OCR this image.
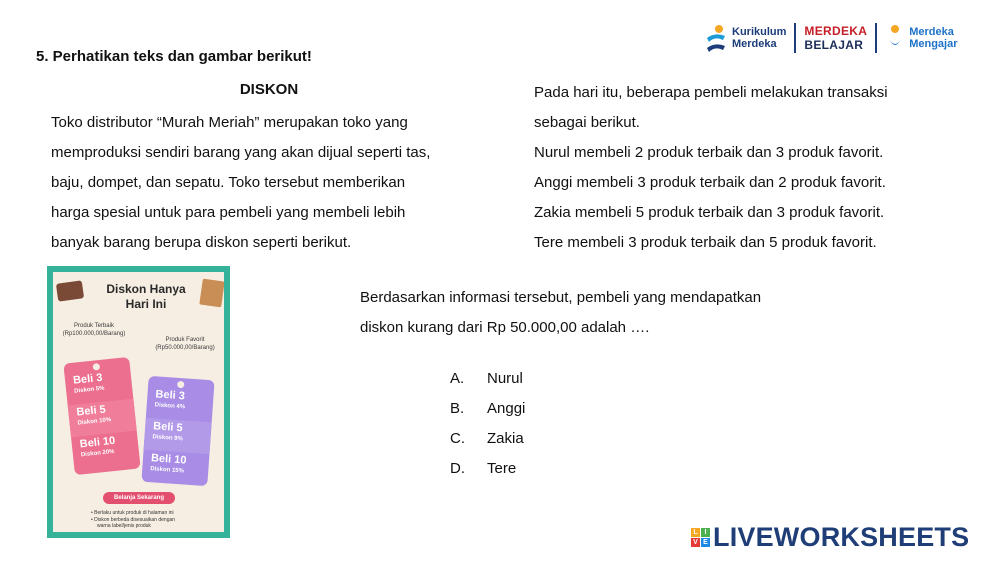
5. Perhatikan teks dan gambar berikut!
DISKON
Toko distributor “Murah Meriah” merupakan toko yang
memproduksi sendiri barang yang akan dijual seperti tas,
baju, dompet, dan sepatu. Toko tersebut memberikan
harga spesial untuk para pembeli yang membeli lebih
banyak barang berupa diskon seperti berikut.
Pada hari itu, beberapa pembeli melakukan transaksi
sebagai berikut.
Nurul membeli 2 produk terbaik dan 3 produk favorit.
Anggi membeli 3 produk terbaik dan 2 produk favorit.
Zakia membeli 5 produk terbaik dan 3 produk favorit.
Tere membeli 3 produk terbaik dan 5 produk favorit.
Berdasarkan informasi tersebut, pembeli yang mendapatkan
diskon kurang dari Rp 50.000,00 adalah ….
A.	Nurul
B.	Anggi
C.	Zakia
D.	Tere
Kurikulum
Merdeka
MERDEKA
BELAJAR
Merdeka
Mengajar
Diskon Hanya
Hari Ini
Produk Terbaik
(Rp100.000,00/Barang)
Produk Favorit
(Rp50.000,00/Barang)
Beli 3
Diskon 5%
Beli 5
Diskon 10%
Beli 10
Diskon 20%
Beli 3
Diskon 4%
Beli 5
Diskon 9%
Beli 10
Diskon 15%
Belanja Sekarang
• Berlaku untuk produk di halaman ini
• Diskon berbeda disesuaikan dengan
warna label/jenis produk
L I
V E LIVEWORKSHEETS
